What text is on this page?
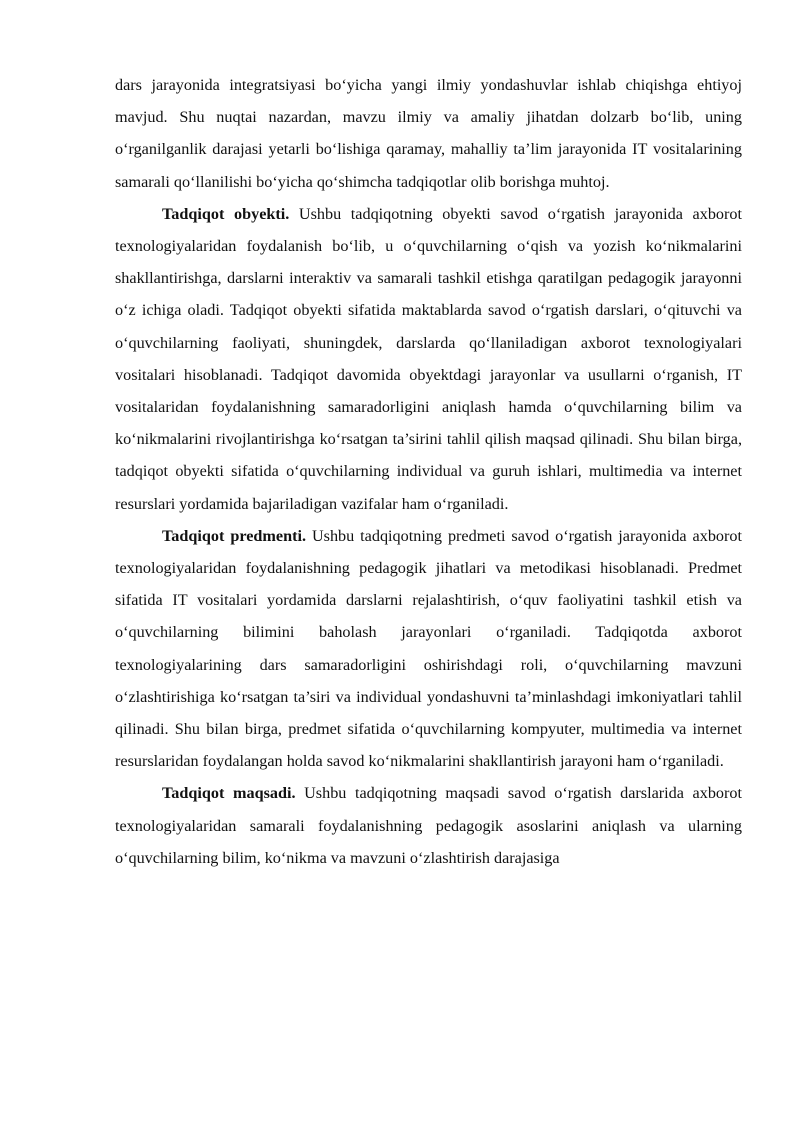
dars jarayonida integratsiyasi bo‘yicha yangi ilmiy yondashuvlar ishlab chiqishga ehtiyoj mavjud. Shu nuqtai nazardan, mavzu ilmiy va amaliy jihatdan dolzarb bo‘lib, uning o‘rganilganlik darajasi yetarli bo‘lishiga qaramay, mahalliy ta’lim jarayonida IT vositalarining samarali qo‘llanilishi bo‘yicha qo‘shimcha tadqiqotlar olib borishga muhtoj.

Tadqiqot obyekti. Ushbu tadqiqotning obyekti savod o‘rgatish jarayonida axborot texnologiyalaridan foydalanish bo‘lib, u o‘quvchilarning o‘qish va yozish ko‘nikmalarini shakllantirishga, darslarni interaktiv va samarali tashkil etishga qaratilgan pedagogik jarayonni o‘z ichiga oladi. Tadqiqot obyekti sifatida maktablarda savod o‘rgatish darslari, o‘qituvchi va o‘quvchilarning faoliyati, shuningdek, darslarda qo‘llaniladigan axborot texnologiyalari vositalari hisoblanadi. Tadqiqot davomida obyektdagi jarayonlar va usullarni o‘rganish, IT vositalaridan foydalanishning samaradorligini aniqlash hamda o‘quvchilarning bilim va ko‘nikmalarini rivojlantirishga ko‘rsatgan ta’sirini tahlil qilish maqsad qilinadi. Shu bilan birga, tadqiqot obyekti sifatida o‘quvchilarning individual va guruh ishlari, multimedia va internet resurslari yordamida bajariladigan vazifalar ham o‘rganiladi.

Tadqiqot predmenti. Ushbu tadqiqotning predmeti savod o‘rgatish jarayonida axborot texnologiyalaridan foydalanishning pedagogik jihatlari va metodikasi hisoblanadi. Predmet sifatida IT vositalari yordamida darslarni rejalashtirish, o‘quv faoliyatini tashkil etish va o‘quvchilarning bilimini baholash jarayonlari o‘rganiladi. Tadqiqotda axborot texnologiyalarining dars samaradorligini oshirishdagi roli, o‘quvchilarning mavzuni o‘zlashtirishiga ko‘rsatgan ta’siri va individual yondashuvni ta’minlashdagi imkoniyatlari tahlil qilinadi. Shu bilan birga, predmet sifatida o‘quvchilarning kompyuter, multimedia va internet resurslaridan foydalangan holda savod ko‘nikmalarini shakllantirish jarayoni ham o‘rganiladi.

Tadqiqot maqsadi. Ushbu tadqiqotning maqsadi savod o‘rgatish darslarida axborot texnologiyalaridan samarali foydalanishning pedagogik asoslarini aniqlash va ularning o‘quvchilarning bilim, ko‘nikma va mavzuni o‘zlashtirish darajasiga
